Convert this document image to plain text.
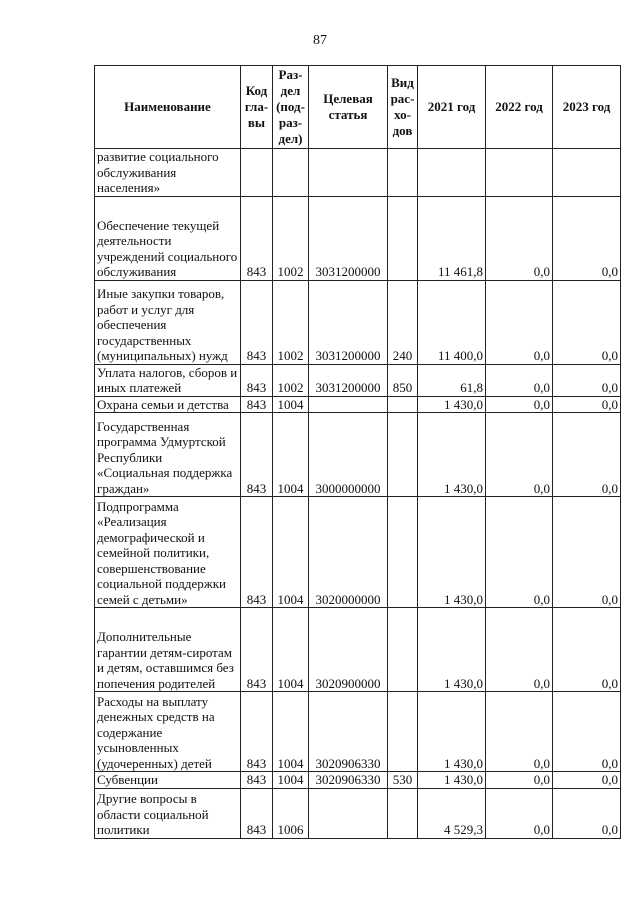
87
Наименование	Код гла- вы	Раз- дел (под- раз- дел)	Целевая статья	Вид рас- хо- дов	2021 год	2022 год	2023 год
развитие социального обслуживания населения»							
Обеспечение текущей деятельности учреждений социального обслуживания	843	1002	3031200000		11 461,8	0,0	0,0
Иные закупки товаров, работ и услуг для обеспечения государственных (муниципальных) нужд	843	1002	3031200000	240	11 400,0	0,0	0,0
Уплата налогов, сборов и иных платежей	843	1002	3031200000	850	61,8	0,0	0,0
Охрана семьи и детства	843	1004			1 430,0	0,0	0,0
Государственная программа Удмуртской Республики «Социальная поддержка граждан»	843	1004	3000000000		1 430,0	0,0	0,0
Подпрограмма «Реализация демографической и семейной политики, совершенствование социальной поддержки семей с детьми»	843	1004	3020000000		1 430,0	0,0	0,0
Дополнительные гарантии детям-сиротам и детям, оставшимся без попечения родителей	843	1004	3020900000		1 430,0	0,0	0,0
Расходы на выплату денежных средств на содержание усыновленных (удочеренных) детей	843	1004	3020906330		1 430,0	0,0	0,0
Субвенции	843	1004	3020906330	530	1 430,0	0,0	0,0
Другие вопросы в области социальной политики	843	1006			4 529,3	0,0	0,0
